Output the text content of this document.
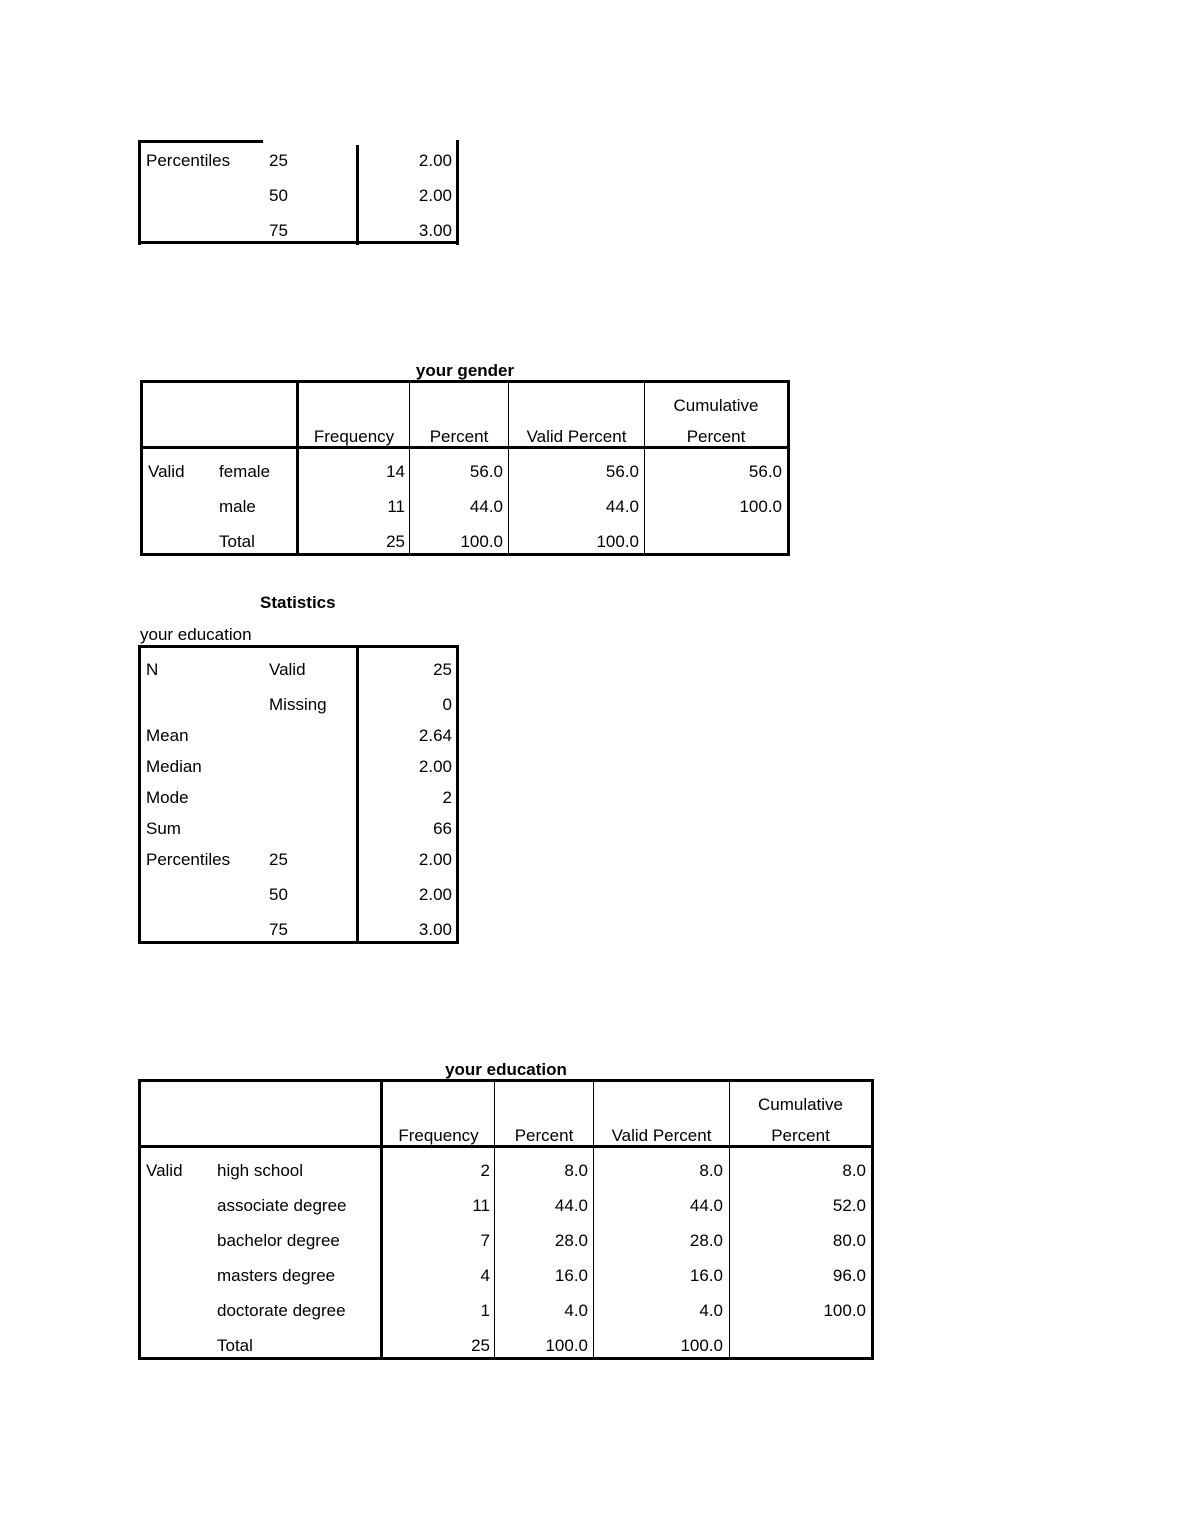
Percentiles 25	2.00
50	2.00
75	3.00
your gender
Frequency	Percent	Valid Percent
Cumulative
Percent
Valid female	14	56.0	56.0	56.0
male	11	44.0	44.0	100.0
Total	25	100.0	100.0
Statistics
your education
N	Valid	25
Missing	0
Mean	2.64
Median	2.00
Mode	2
Sum	66
Percentiles 25	2.00
50	2.00
75	3.00
your education
Frequency	Percent	Valid Percent
Cumulative
Percent
Valid high school	2	8.0	8.0	8.0
associate degree	11	44.0	44.0	52.0
bachelor degree	7	28.0	28.0	80.0
masters degree	4	16.0	16.0	96.0
doctorate degree	1	4.0	4.0	100.0
Total	25	100.0	100.0
